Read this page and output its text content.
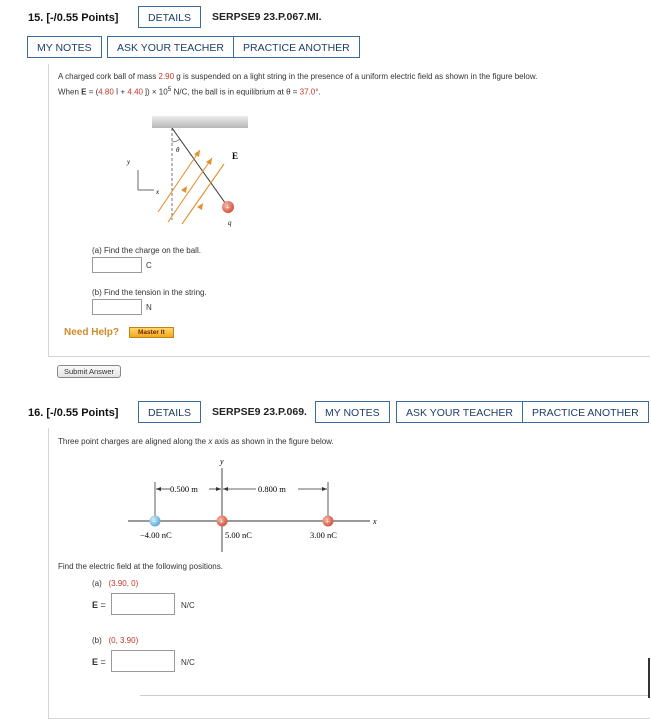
15. [-/0.55 Points]	DETAILS	SERPSE9 23.P.067.MI.
MY NOTES	ASK YOUR TEACHER	PRACTICE ANOTHER
A charged cork ball of mass 2.90 g is suspended on a light string in the presence of a uniform electric field as shown in the figure below.
When E = (4.80 î + 4.40 ĵ) × $10^5$ N/C, the ball is in equilibrium at θ = 37.0°.
θ
E
y
x
+
q
(a) Find the charge on the ball.
C
(b) Find the tension in the string.
N
Need Help?	Master It
Submit Answer
16. [-/0.55 Points]	DETAILS	SERPSE9 23.P.069.	MY NOTES	ASK YOUR TEACHER	PRACTICE ANOTHER
Three point charges are aligned along the x axis as shown in the figure below.
y
x
0.500 m	0.800 m
−	+	+
−4.00 nC	5.00 nC	3.00 nC
Find the electric field at the following positions.
(a) (3.90, 0)
E =	N/C
(b) (0, 3.90)
E =	N/C
